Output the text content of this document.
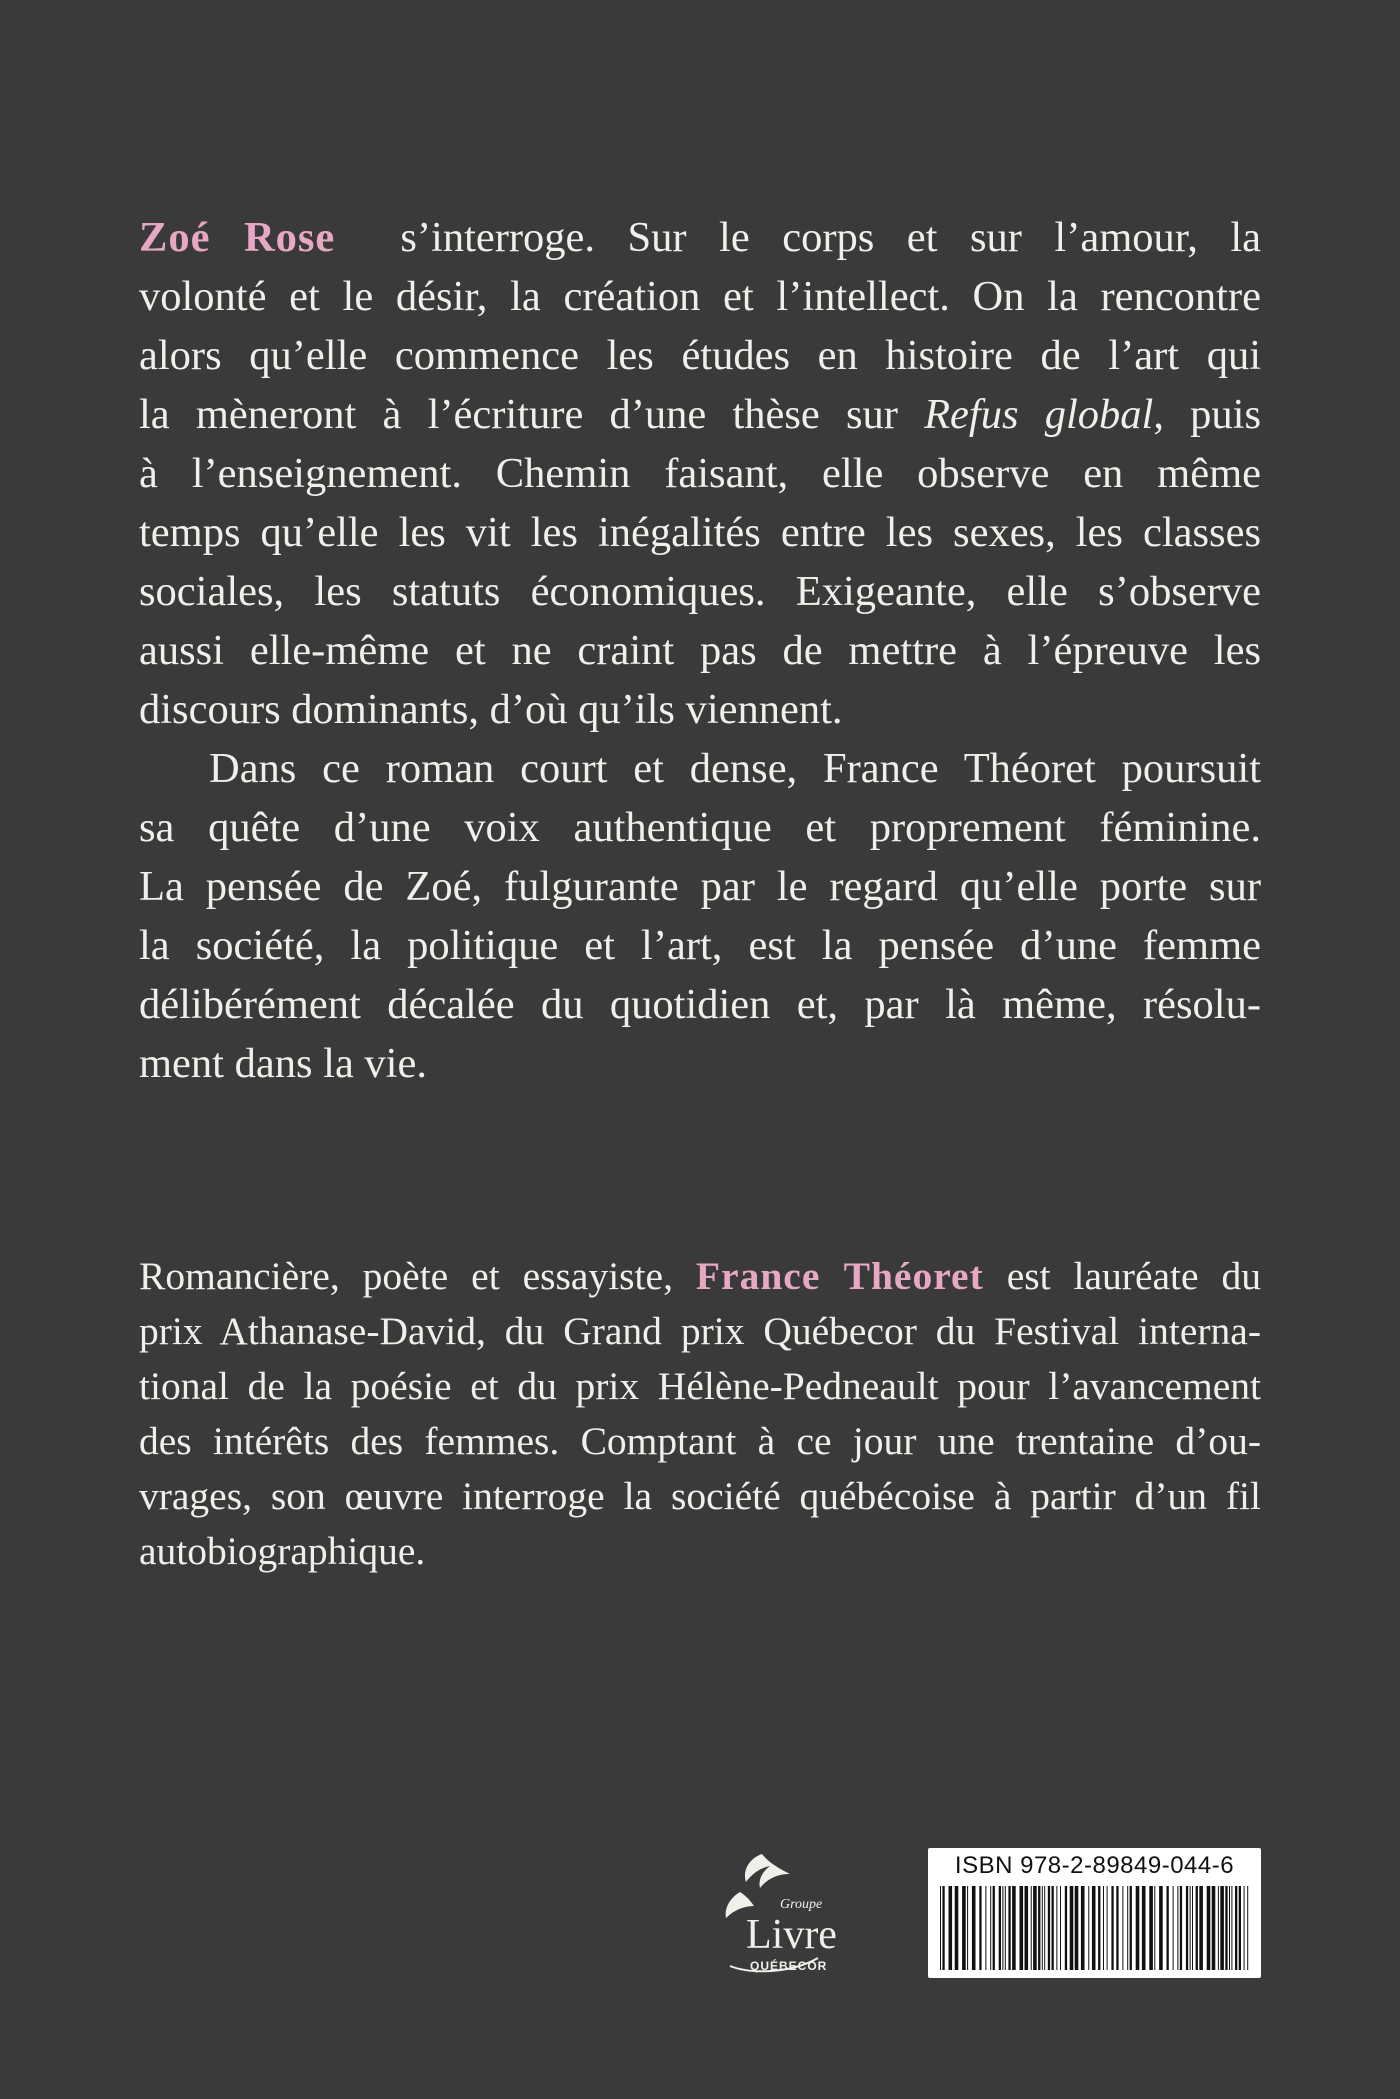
Zoé Rose s’interroge. Sur le corps et sur l’amour, la
volonté et le désir, la création et l’intellect. On la rencontre
alors qu’elle commence les études en histoire de l’art qui
la mèneront à l’écriture d’une thèse sur Refus global, puis
à l’enseignement. Chemin faisant, elle observe en même
temps qu’elle les vit les inégalités entre les sexes, les classes
sociales, les statuts économiques. Exigeante, elle s’observe
aussi elle-même et ne craint pas de mettre à l’épreuve les
discours dominants, d’où qu’ils viennent.

Dans ce roman court et dense, France Théoret poursuit
sa quête d’une voix authentique et proprement féminine.
La pensée de Zoé, fulgurante par le regard qu’elle porte sur
la société, la politique et l’art, est la pensée d’une femme
délibérément décalée du quotidien et, par là même, résolu-
ment dans la vie.

Romancière, poète et essayiste, France Théoret est lauréate du
prix Athanase-David, du Grand prix Québecor du Festival interna-
tional de la poésie et du prix Hélène-Pedneault pour l’avancement
des intérêts des femmes. Comptant à ce jour une trentaine d’ou-
vrages, son œuvre interroge la société québécoise à partir d’un fil
autobiographique.

Groupe
Livre
QUÉBECOR
ISBN 978-2-89849-044-6
